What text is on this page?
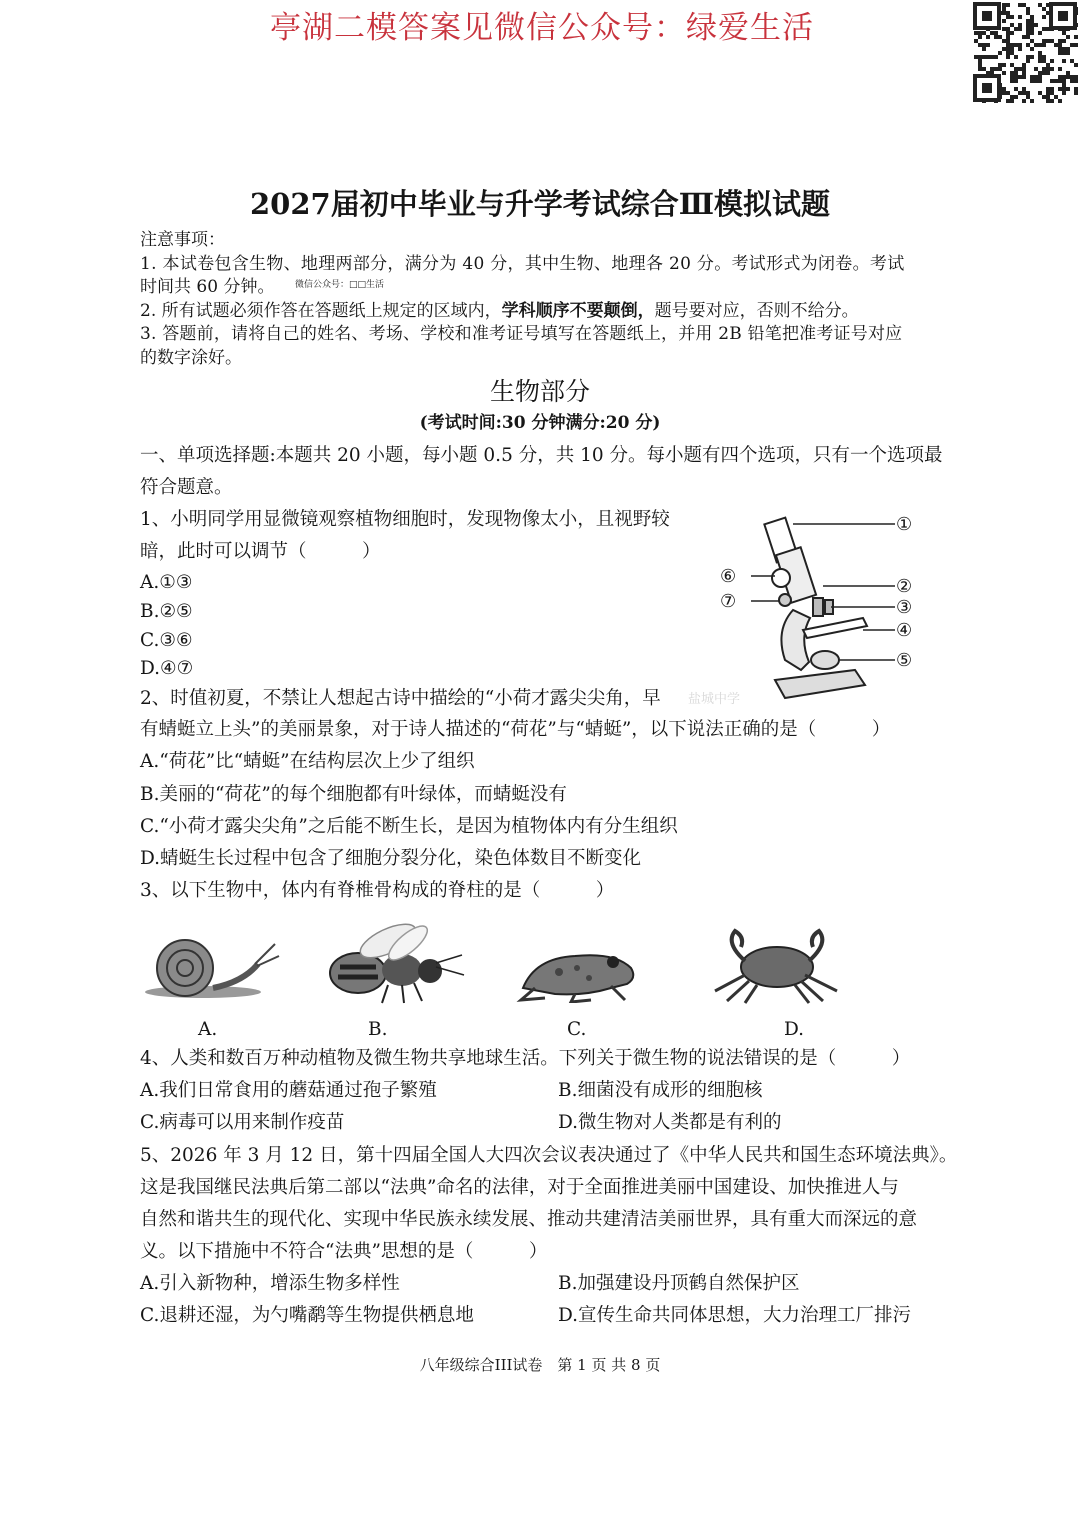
亭湖二模答案见微信公众号：绿爱生活
2027届初中毕业与升学考试综合Ⅲ模拟试题
注意事项：
1. 本试卷包含生物、地理两部分，满分为 40 分，其中生物、地理各 20 分。考试形式为闭卷。考试
时间共 60 分钟。 微信公众号：□□生活
2. 所有试题必须作答在答题纸上规定的区域内，学科顺序不要颠倒，题号要对应，否则不给分。
3. 答题前，请将自己的姓名、考场、学校和准考证号填写在答题纸上，并用 2B 铅笔把准考证号对应
的数字涂好。
生物部分
(考试时间:30 分钟满分:20 分)
一、单项选择题:本题共 20 小题，每小题 0.5 分，共 10 分。每小题有四个选项，只有一个选项最
符合题意。
1、小明同学用显微镜观察植物细胞时，发现物像太小，且视野较
暗，此时可以调节（　　　）
A.①③
B.②⑤
C.③⑥
D.④⑦
①
②
③
④
⑤
⑥
⑦
盐城中学
2、时值初夏，不禁让人想起古诗中描绘的“小荷才露尖尖角，早
有蜻蜓立上头”的美丽景象，对于诗人描述的“荷花”与“蜻蜓”，以下说法正确的是（　　　）
A.“荷花”比“蜻蜓”在结构层次上少了组织
B.美丽的“荷花”的每个细胞都有叶绿体，而蜻蜓没有
C.“小荷才露尖尖角”之后能不断生长，是因为植物体内有分生组织
D.蜻蜓生长过程中包含了细胞分裂分化，染色体数目不断变化
3、以下生物中，体内有脊椎骨构成的脊柱的是（　　　）
A.	B.	C.	D.
4、人类和数百万种动植物及微生物共享地球生活。下列关于微生物的说法错误的是（　　　）
A.我们日常食用的蘑菇通过孢子繁殖	B.细菌没有成形的细胞核
C.病毒可以用来制作疫苗	D.微生物对人类都是有利的
5、2026 年 3 月 12 日，第十四届全国人大四次会议表决通过了《中华人民共和国生态环境法典》。
这是我国继民法典后第二部以“法典”命名的法律，对于全面推进美丽中国建设、加快推进人与
自然和谐共生的现代化、实现中华民族永续发展、推动共建清洁美丽世界，具有重大而深远的意
义。以下措施中不符合“法典”思想的是（　　　）
A.引入新物种，增添生物多样性	B.加强建设丹顶鹤自然保护区
C.退耕还湿，为勺嘴鹬等生物提供栖息地	D.宣传生命共同体思想，大力治理工厂排污
八年级综合III试卷　第 1 页 共 8 页
